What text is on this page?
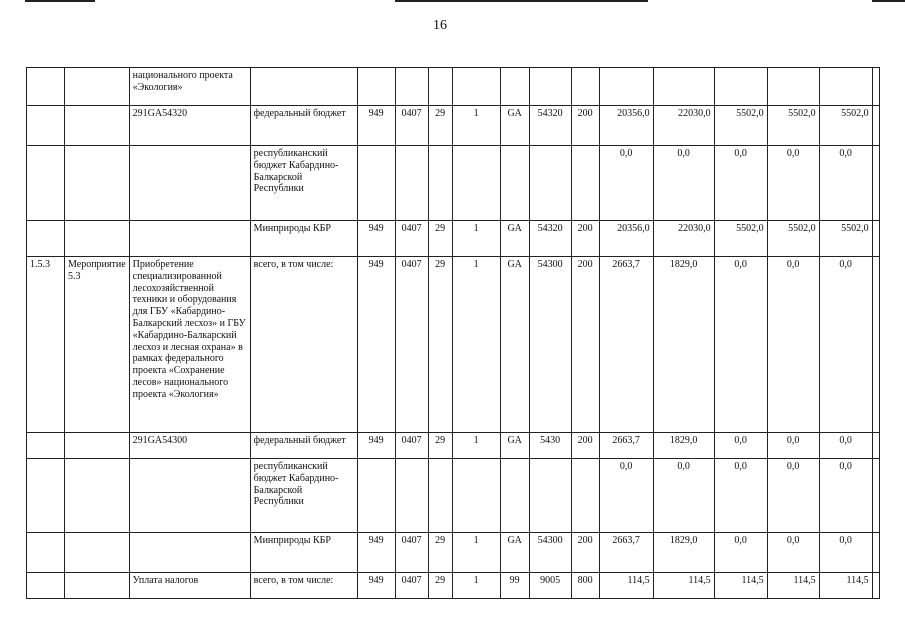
16
		национального проекта «Экология»														
		291GA54320	федеральный бюджет	949	0407	29	1	GA	54320	200	20356,0	22030,0	5502,0	5502,0	5502,0	
			республиканский бюджет Кабардино-Балкарской Республики								0,0	0,0	0,0	0,0	0,0	
			Минприроды КБР	949	0407	29	1	GA	54320	200	20356,0	22030,0	5502,0	5502,0	5502,0	
1.5.3	Мероприятие 5.3	Приобретение специализированной лесохозяйственной техники и оборудования для ГБУ «Кабардино-Балкарский лесхоз» и ГБУ «Кабардино-Балкарский лесхоз и лесная охрана» в рамках федерального проекта «Сохранение лесов» национального проекта «Экология»	всего, в том числе:	949	0407	29	1	GA	54300	200	2663,7	1829,0	0,0	0,0	0,0	
		291GA54300	федеральный бюджет	949	0407	29	1	GA	5430	200	2663,7	1829,0	0,0	0,0	0,0	
			республиканский бюджет Кабардино-Балкарской Республики								0,0	0,0	0,0	0,0	0,0	
			Минприроды КБР	949	0407	29	1	GA	54300	200	2663,7	1829,0	0,0	0,0	0,0	
		Уплата налогов	всего, в том числе:	949	0407	29	1	99	9005	800	114,5	114,5	114,5	114,5	114,5	
